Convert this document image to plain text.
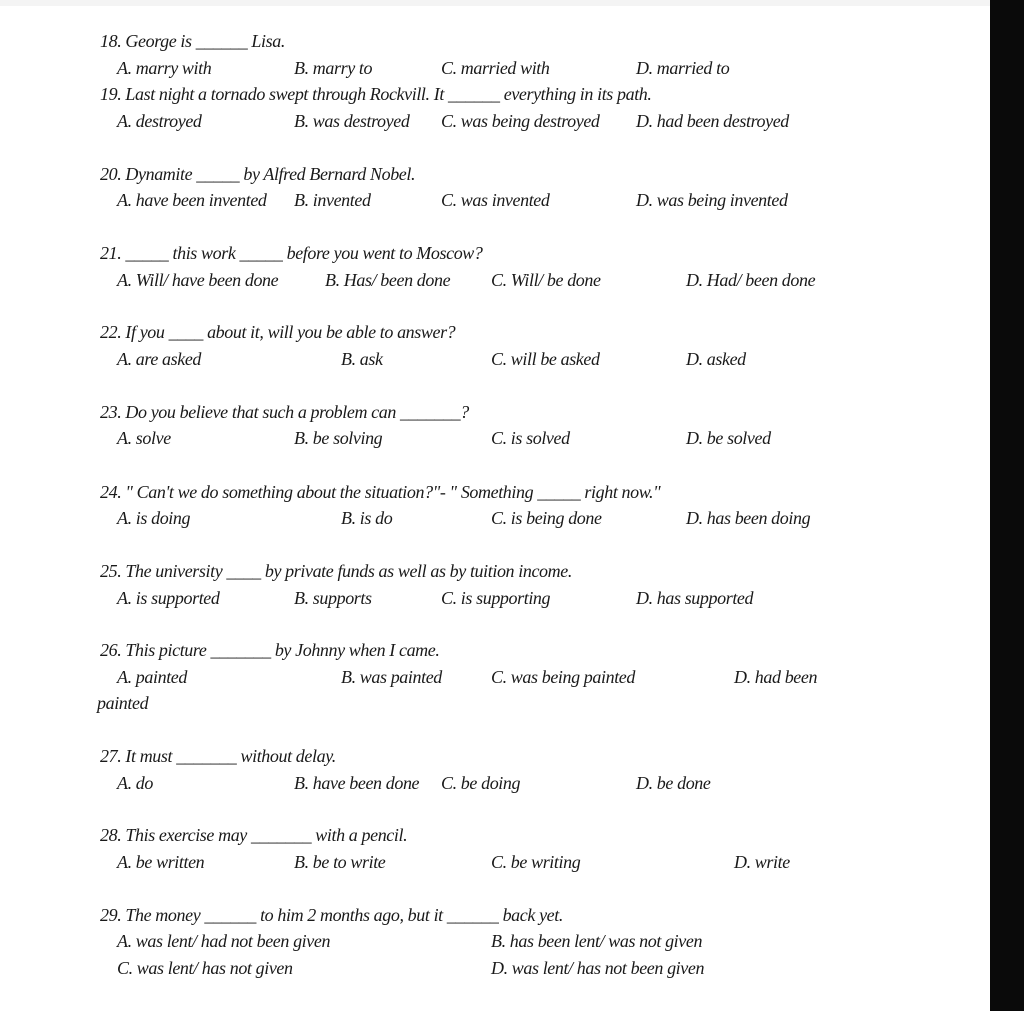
18. George is ______ Lisa.
A. marry with	B. marry to	C. married with	D. married to
19. Last night a tornado swept through Rockvill. It ______ everything in its path.
A. destroyed	B. was destroyed C. was being destroyed D. had been destroyed
20. Dynamite _____ by Alfred Bernard Nobel.
A. have been invented B. invented	C. was invented	D. was being invented
21. _____ this work _____ before you went to Moscow?
A. Will/ have been done	B. Has/ been done C. Will/ be done	D. Had/ been done
22. If you ____ about it, will you be able to answer?
A. are asked	B. ask	C. will be asked	D. asked
23. Do you believe that such a problem can _______?
A. solve	B. be solving	C. is solved	D. be solved
24. " Can't we do something about the situation?"- " Something _____ right now."
A. is doing	B. is do	C. is being done	D. has been doing
25. The university ____ by private funds as well as by tuition income.
A. is supported	B. supports	C. is supporting	D. has supported
26. This picture _______ by Johnny when I came.
A. painted	B. was painted	C. was being painted	D. had been
painted
27. It must _______ without delay.
A. do	B. have been done C. be doing	D. be done
28. This exercise may _______ with a pencil.
A. be written	B. be to write	C. be writing	D. write
29. The money ______ to him 2 months ago, but it ______ back yet.
A. was lent/ had not been given	B. has been lent/ was not given
C. was lent/ has not given	D. was lent/ has not been given
